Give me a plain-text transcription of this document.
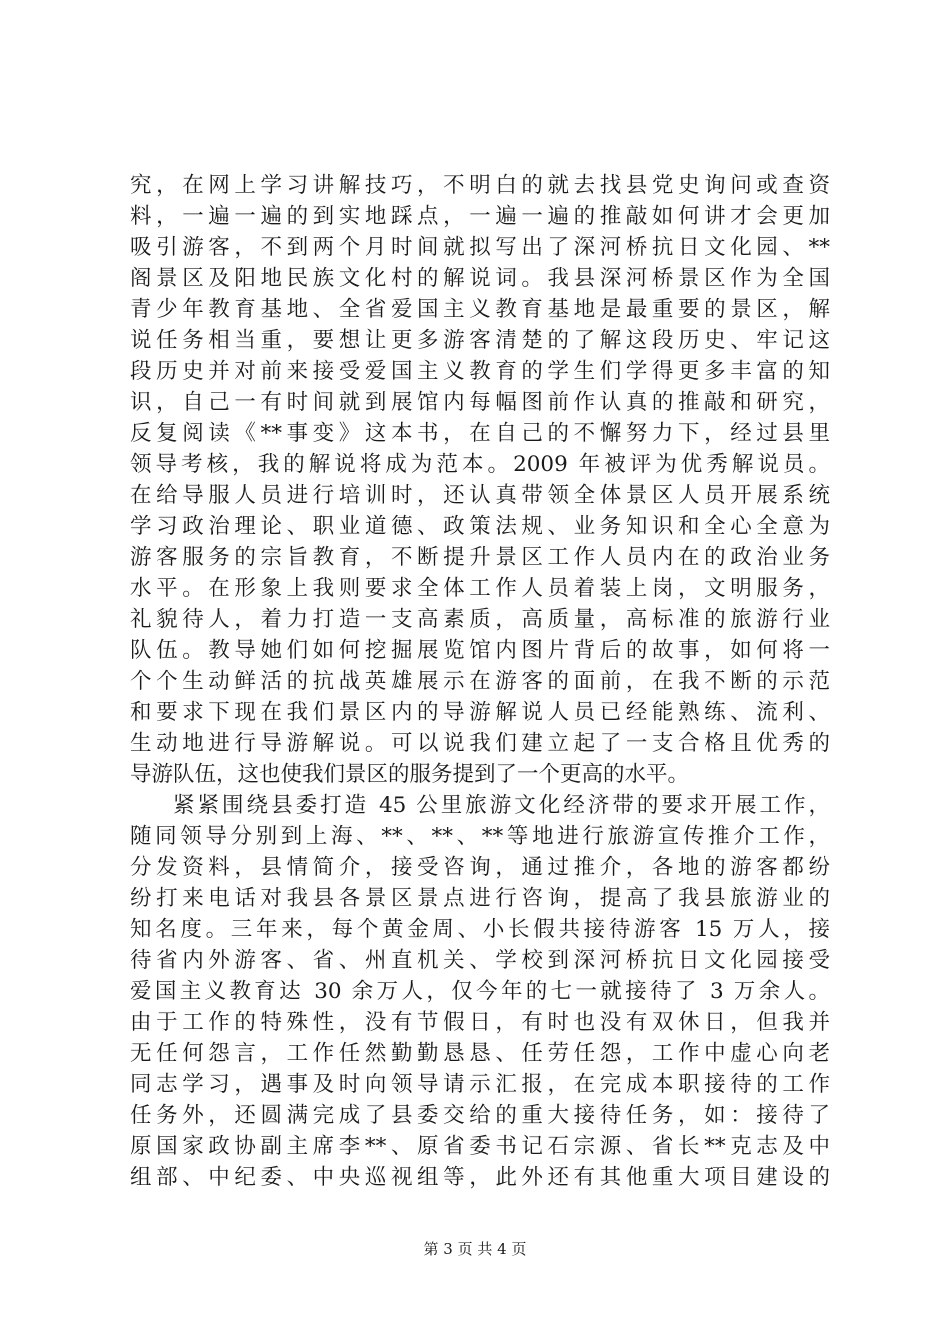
究，在网上学习讲解技巧，不明白的就去找县党史询问或查资
料，一遍一遍的到实地踩点，一遍一遍的推敲如何讲才会更加
吸引游客，不到两个月时间就拟写出了深河桥抗日文化园、**
阁景区及阳地民族文化村的解说词。我县深河桥景区作为全国
青少年教育基地、全省爱国主义教育基地是最重要的景区，解
说任务相当重，要想让更多游客清楚的了解这段历史、牢记这
段历史并对前来接受爱国主义教育的学生们学得更多丰富的知
识，自己一有时间就到展馆内每幅图前作认真的推敲和研究，
反复阅读《**事变》这本书，在自己的不懈努力下，经过县里
领导考核，我的解说将成为范本。2009 年被评为优秀解说员。
在给导服人员进行培训时，还认真带领全体景区人员开展系统
学习政治理论、职业道德、政策法规、业务知识和全心全意为
游客服务的宗旨教育，不断提升景区工作人员内在的政治业务
水平。在形象上我则要求全体工作人员着装上岗，文明服务，
礼貌待人，着力打造一支高素质，高质量，高标准的旅游行业
队伍。教导她们如何挖掘展览馆内图片背后的故事，如何将一
个个生动鲜活的抗战英雄展示在游客的面前，在我不断的示范
和要求下现在我们景区内的导游解说人员已经能熟练、流利、
生动地进行导游解说。可以说我们建立起了一支合格且优秀的
导游队伍，这也使我们景区的服务提到了一个更高的水平。
紧紧围绕县委打造 45 公里旅游文化经济带的要求开展工作，
随同领导分别到上海、**、**、**等地进行旅游宣传推介工作，
分发资料，县情简介，接受咨询，通过推介，各地的游客都纷
纷打来电话对我县各景区景点进行咨询，提高了我县旅游业的
知名度。三年来，每个黄金周、小长假共接待游客 15 万人，接
待省内外游客、省、州直机关、学校到深河桥抗日文化园接受
爱国主义教育达 30 余万人，仅今年的七一就接待了 3 万余人。
由于工作的特殊性，没有节假日，有时也没有双休日，但我并
无任何怨言，工作任然勤勤恳恳、任劳任怨，工作中虚心向老
同志学习，遇事及时向领导请示汇报，在完成本职接待的工作
任务外，还圆满完成了县委交给的重大接待任务，如：接待了
原国家政协副主席李**、原省委书记石宗源、省长**克志及中
组部、中纪委、中央巡视组等，此外还有其他重大项目建设的
第 3 页 共 4 页
